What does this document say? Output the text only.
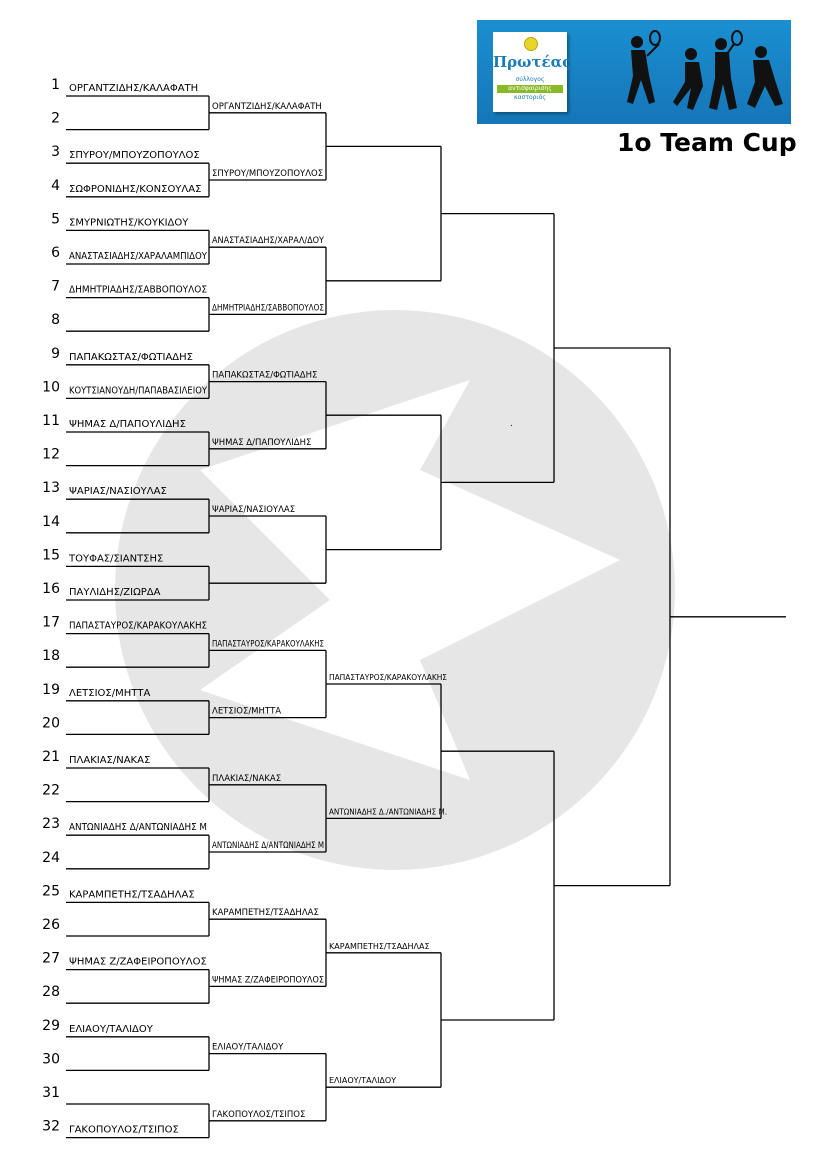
Πρωτέας
σύλλογος
αντισφαίρισης
καστοριάς
1o Team Cup
1 ΟΡΓΑΝΤΖΙΔΗΣ/ΚΑΛΑΦΑΤΗ
2
3 ΣΠΥΡΟΥ/ΜΠΟΥΖΟΠΟΥΛΟΣ
4 ΣΩΦΡΟΝΙΔΗΣ/ΚΟΝΣΟΥΛΑΣ
5 ΣΜΥΡΝΙΩΤΗΣ/ΚΟΥΚΙΔΟΥ
6 ΑΝΑΣΤΑΣΙΑΔΗΣ/ΧΑΡΑΛΑΜΠΙΔΟΥ
7 ΔΗΜΗΤΡΙΑΔΗΣ/ΣΑΒΒΟΠΟΥΛΟΣ
8
9 ΠΑΠΑΚΩΣΤΑΣ/ΦΩΤΙΑΔΗΣ
10 ΚΟΥΤΣΙΑΝΟΥΔΗ/ΠΑΠΑΒΑΣΙΛΕΙΟΥ
11 ΨΗΜΑΣ Δ/ΠΑΠΟΥΛΙΔΗΣ
12
13 ΨΑΡΙΑΣ/ΝΑΣΙΟΥΛΑΣ
14
15 ΤΟΥΦΑΣ/ΣΙΑΝΤΣΗΣ
16 ΠΑΥΛΙΔΗΣ/ΖΙΩΡΔΑ
17 ΠΑΠΑΣΤΑΥΡΟΣ/ΚΑΡΑΚΟΥΛΑΚΗΣ
18
19 ΛΕΤΣΙΟΣ/ΜΗΤΤΑ
20
21 ΠΛΑΚΙΑΣ/ΝΑΚΑΣ
22
23 ΑΝΤΩΝΙΑΔΗΣ Δ/ΑΝΤΩΝΙΑΔΗΣ Μ
24
25 ΚΑΡΑΜΠΕΤΗΣ/ΤΣΑΔΗΛΑΣ
26
27 ΨΗΜΑΣ Ζ/ΖΑΦΕΙΡΟΠΟΥΛΟΣ
28
29 ΕΛΙΑΟΥ/ΤΑΛΙΔΟΥ
30
31
32 ΓΑΚΟΠΟΥΛΟΣ/ΤΣΙΠΟΣ
ΟΡΓΑΝΤΖΙΔΗΣ/ΚΑΛΑΦΑΤΗ
ΣΠΥΡΟΥ/ΜΠΟΥΖΟΠΟΥΛΟΣ
ΑΝΑΣΤΑΣΙΑΔΗΣ/ΧΑΡΑΛ/ΔΟΥ
ΔΗΜΗΤΡΙΑΔΗΣ/ΣΑΒΒΟΠΟΥΛΟΣ
ΠΑΠΑΚΩΣΤΑΣ/ΦΩΤΙΑΔΗΣ
ΨΗΜΑΣ Δ/ΠΑΠΟΥΛΙΔΗΣ
ΨΑΡΙΑΣ/ΝΑΣΙΟΥΛΑΣ
ΠΑΠΑΣΤΑΥΡΟΣ/ΚΑΡΑΚΟΥΛΑΚΗΣ
ΛΕΤΣΙΟΣ/ΜΗΤΤΑ
ΠΛΑΚΙΑΣ/ΝΑΚΑΣ
ΑΝΤΩΝΙΑΔΗΣ Δ/ΑΝΤΩΝΙΑΔΗΣ Μ
ΚΑΡΑΜΠΕΤΗΣ/ΤΣΑΔΗΛΑΣ
ΨΗΜΑΣ Ζ/ΖΑΦΕΙΡΟΠΟΥΛΟΣ
ΕΛΙΑΟΥ/ΤΑΛΙΔΟΥ
ΓΑΚΟΠΟΥΛΟΣ/ΤΣΙΠΟΣ
ΠΑΠΑΣΤΑΥΡΟΣ/ΚΑΡΑΚΟΥΛΑΚΗΣ
ΑΝΤΩΝΙΑΔΗΣ Δ./ΑΝΤΩΝΙΑΔΗΣ Μ.
ΚΑΡΑΜΠΕΤΗΣ/ΤΣΑΔΗΛΑΣ
ΕΛΙΑΟΥ/ΤΑΛΙΔΟΥ
.
